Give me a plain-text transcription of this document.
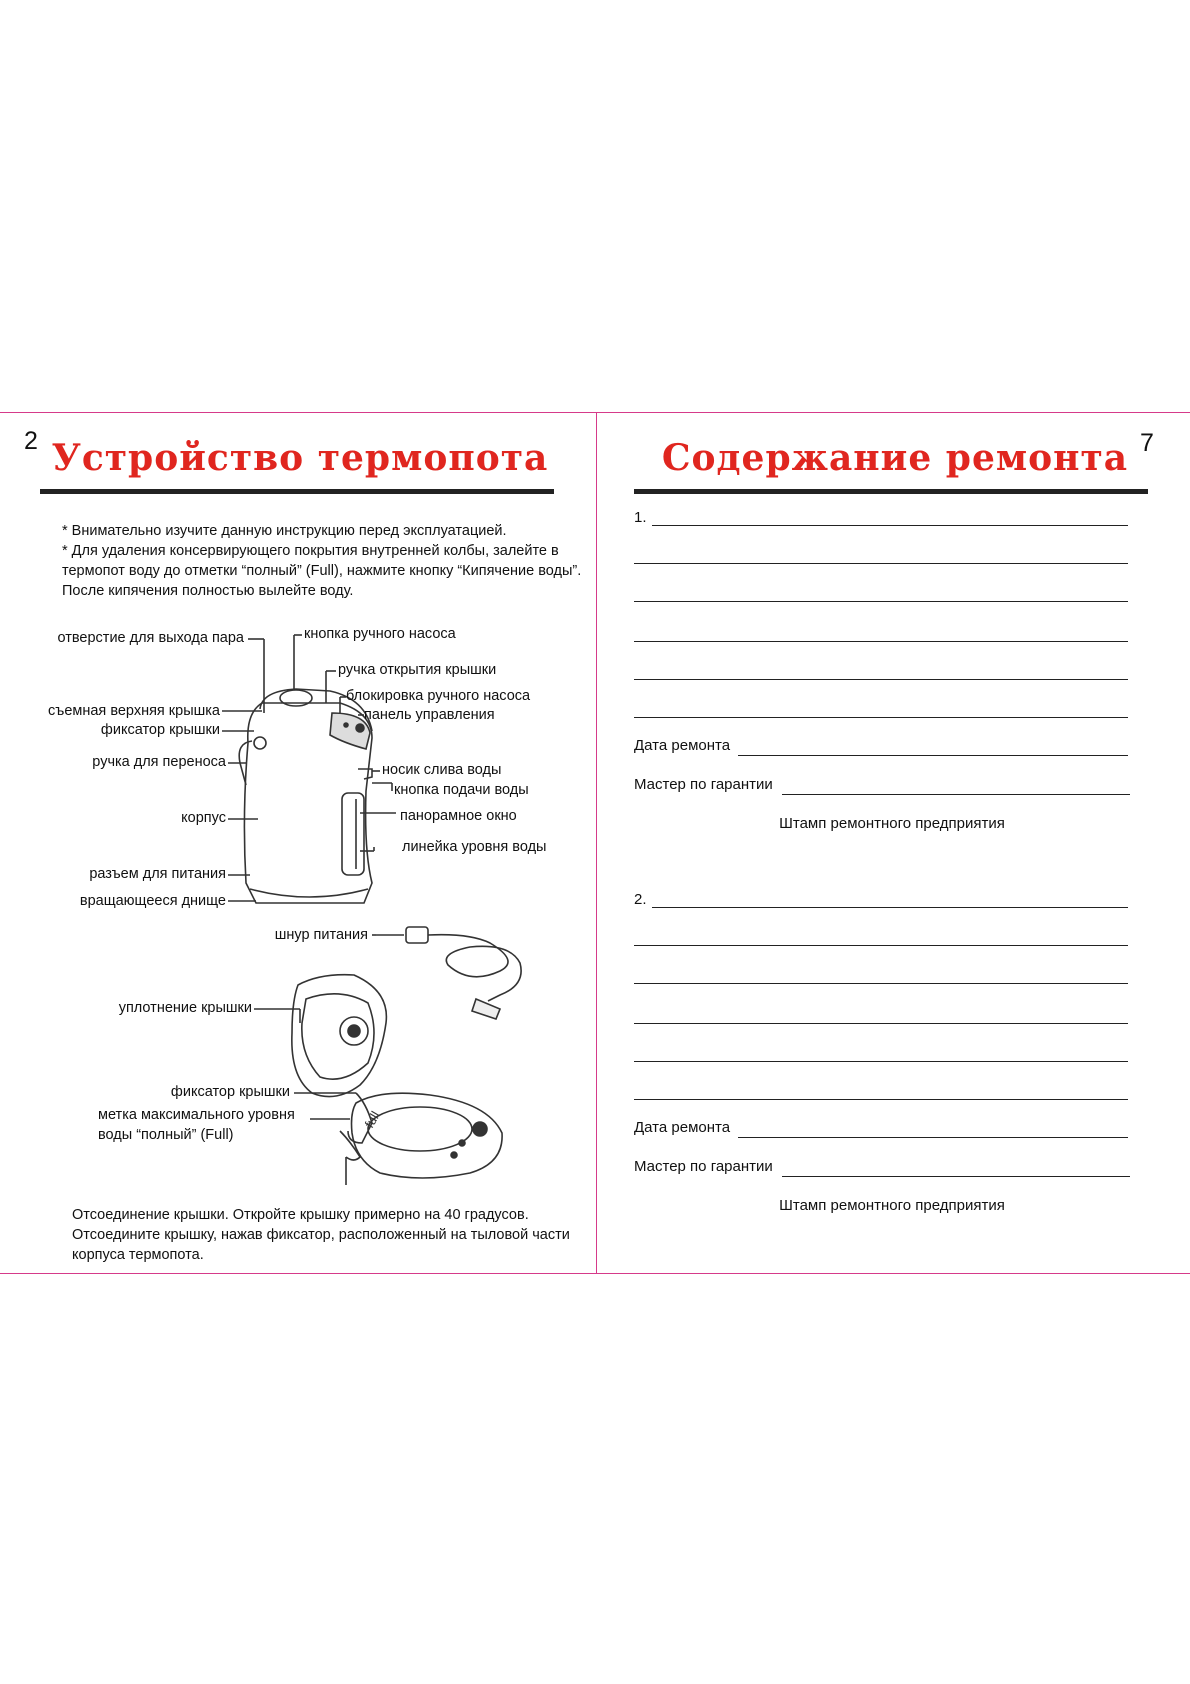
2 Устройство термопота

* Внимательно изучите данную инструкцию перед эксплуатацией.

* Для удаления консервирующего покрытия внутренней колбы, залейте в термопот воду до отметки “полный” (Full), нажмите кнопку “Кипячение воды”. После кипячения полностью вылейте воду.

full
отверстие для выхода пара
съемная верхняя крышка
фиксатор крышки
ручка для переноса
корпус
разъем для питания
вращающееся днище
кнопка ручного насоса
ручка открытия крышки
блокировка ручного насоса
панель управления
носик слива воды
кнопка подачи воды
панорамное окно
линейка уровня воды
шнур питания
уплотнение крышки
фиксатор крышки
метка максимального уровня
воды “полный” (Full)

Отсоединение крышки. Откройте крышку примерно на 40 градусов. Отсоедините крышку, нажав фиксатор, расположенный на тыловой части корпуса термопота.

7
Содержание ремонта
1.
Дата ремонта
Мастер по гарантии
Штамп ремонтного предприятия
2.
Дата ремонта
Мастер по гарантии
Штамп ремонтного предприятия
